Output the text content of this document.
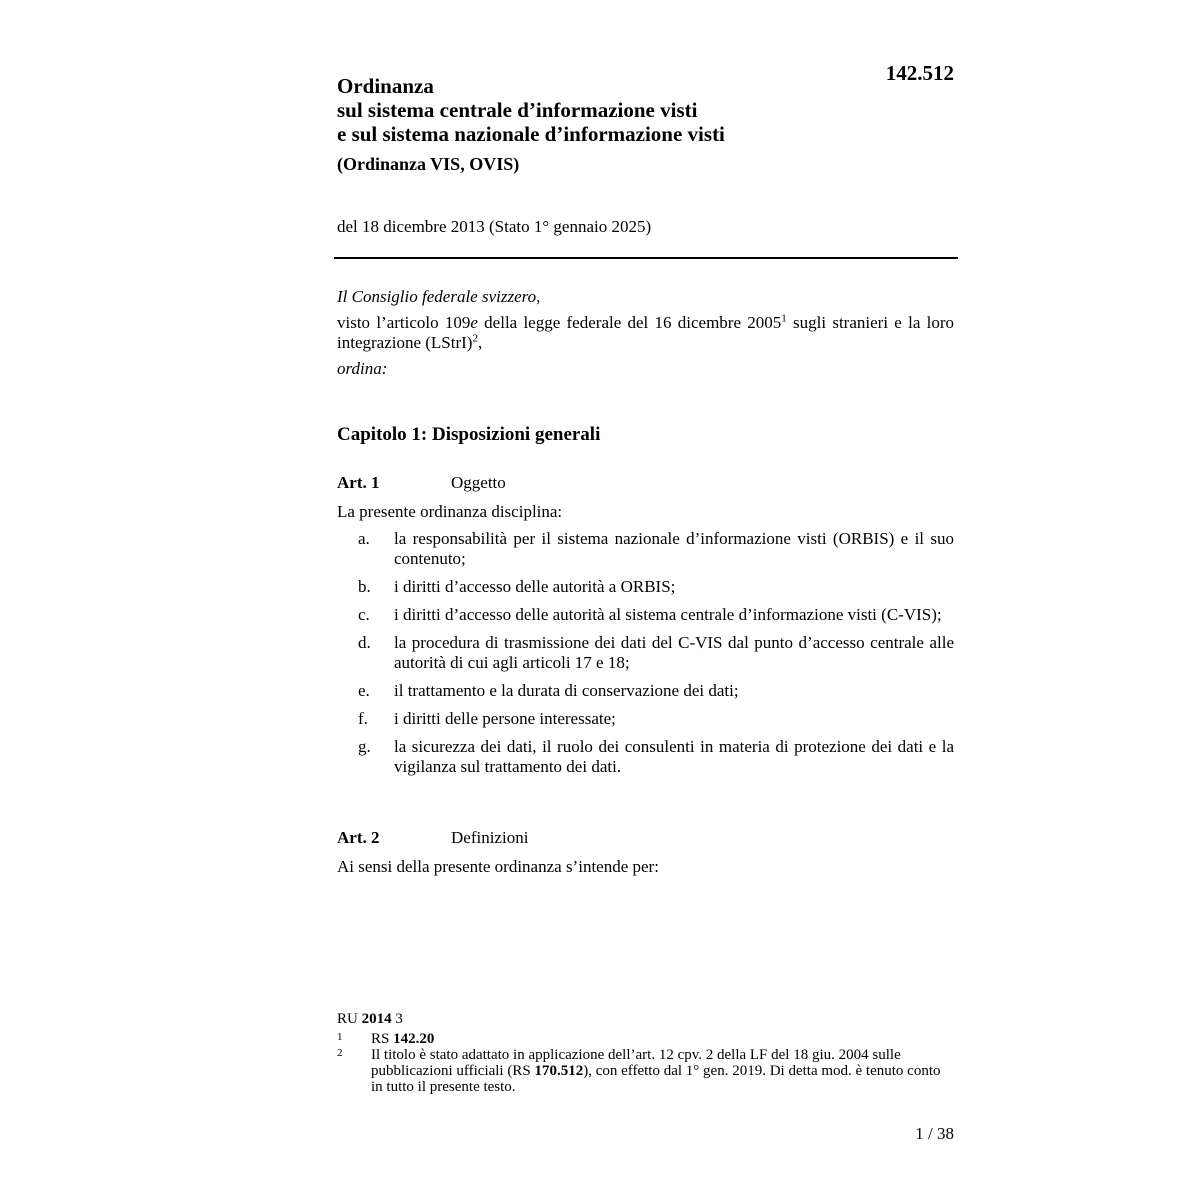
142.512

Ordinanza

sul sistema centrale d’informazione visti

e sul sistema nazionale d’informazione visti

(Ordinanza VIS, OVIS)
del 18 dicembre 2013 (Stato 1° gennaio 2025)
Il Consiglio federale svizzero,
visto l’articolo 109e della legge federale del 16 dicembre 2005$^1$ sugli stranieri e la loro integrazione (LStrI)$^2$,
ordina:
Capitolo 1: Disposizioni generali
Art. 1	Oggetto
La presente ordinanza disciplina:
a.	la responsabilità per il sistema nazionale d’informazione visti (ORBIS) e il suo contenuto;
b.	i diritti d’accesso delle autorità a ORBIS;
c.	i diritti d’accesso delle autorità al sistema centrale d’informazione visti (C-VIS);
d.	la procedura di trasmissione dei dati del C-VIS dal punto d’accesso centrale alle autorità di cui agli articoli 17 e 18;
e.	il trattamento e la durata di conservazione dei dati;
f.	i diritti delle persone interessate;
g.	la sicurezza dei dati, il ruolo dei consulenti in materia di protezione dei dati e la vigilanza sul trattamento dei dati.
Art. 2	Definizioni
Ai sensi della presente ordinanza s’intende per:
RU 2014 3
1	RS 142.20
2	Il titolo è stato adattato in applicazione dell’art. 12 cpv. 2 della LF del 18 giu. 2004 sulle pubblicazioni ufficiali (RS 170.512), con effetto dal 1° gen. 2019. Di detta mod. è tenuto conto in tutto il presente testo.
1 / 38
